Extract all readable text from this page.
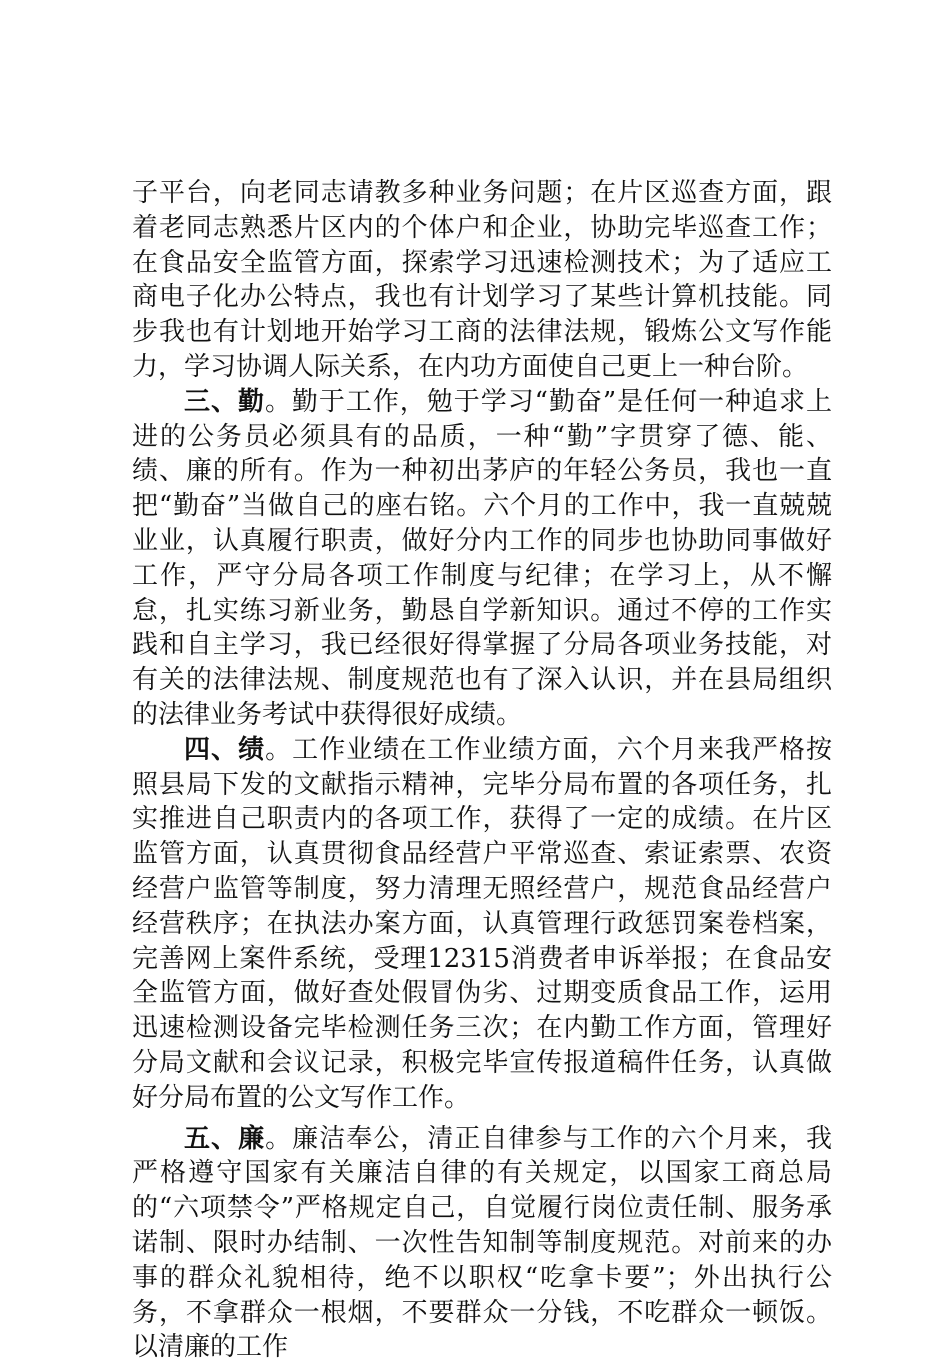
子平台，向老同志请教多种业务问题；在片区巡查方面，跟着老同志熟悉片区内的个体户和企业，协助完毕巡查工作；在食品安全监管方面，探索学习迅速检测技术；为了适应工商电子化办公特点，我也有计划学习了某些计算机技能。同步我也有计划地开始学习工商的法律法规，锻炼公文写作能力，学习协调人际关系，在内功方面使自己更上一种台阶。

三、勤。勤于工作，勉于学习“勤奋”是任何一种追求上进的公务员必须具有的品质，一种“勤”字贯穿了德、能、绩、廉的所有。作为一种初出茅庐的年轻公务员，我也一直把“勤奋”当做自己的座右铭。六个月的工作中，我一直兢兢业业，认真履行职责，做好分内工作的同步也协助同事做好工作，严守分局各项工作制度与纪律；在学习上，从不懈怠，扎实练习新业务，勤恳自学新知识。通过不停的工作实践和自主学习，我已经很好得掌握了分局各项业务技能，对有关的法律法规、制度规范也有了深入认识，并在县局组织的法律业务考试中获得很好成绩。

四、绩。工作业绩在工作业绩方面，六个月来我严格按照县局下发的文献指示精神，完毕分局布置的各项任务，扎实推进自己职责内的各项工作，获得了一定的成绩。在片区监管方面，认真贯彻食品经营户平常巡查、索证索票、农资经营户监管等制度，努力清理无照经营户，规范食品经营户经营秩序；在执法办案方面，认真管理行政惩罚案卷档案，完善网上案件系统，受理12315消费者申诉举报；在食品安全监管方面，做好查处假冒伪劣、过期变质食品工作，运用迅速检测设备完毕检测任务三次；在内勤工作方面，管理好分局文献和会议记录，积极完毕宣传报道稿件任务，认真做好分局布置的公文写作工作。

五、廉。廉洁奉公，清正自律参与工作的六个月来，我严格遵守国家有关廉洁自律的有关规定，以国家工商总局的“六项禁令”严格规定自己，自觉履行岗位责任制、服务承诺制、限时办结制、一次性告知制等制度规范。对前来的办事的群众礼貌相待，绝不以职权“吃拿卡要”；外出执行公务，不拿群众一根烟，不要群众一分钱，不吃群众一顿饭。以清廉的工作
